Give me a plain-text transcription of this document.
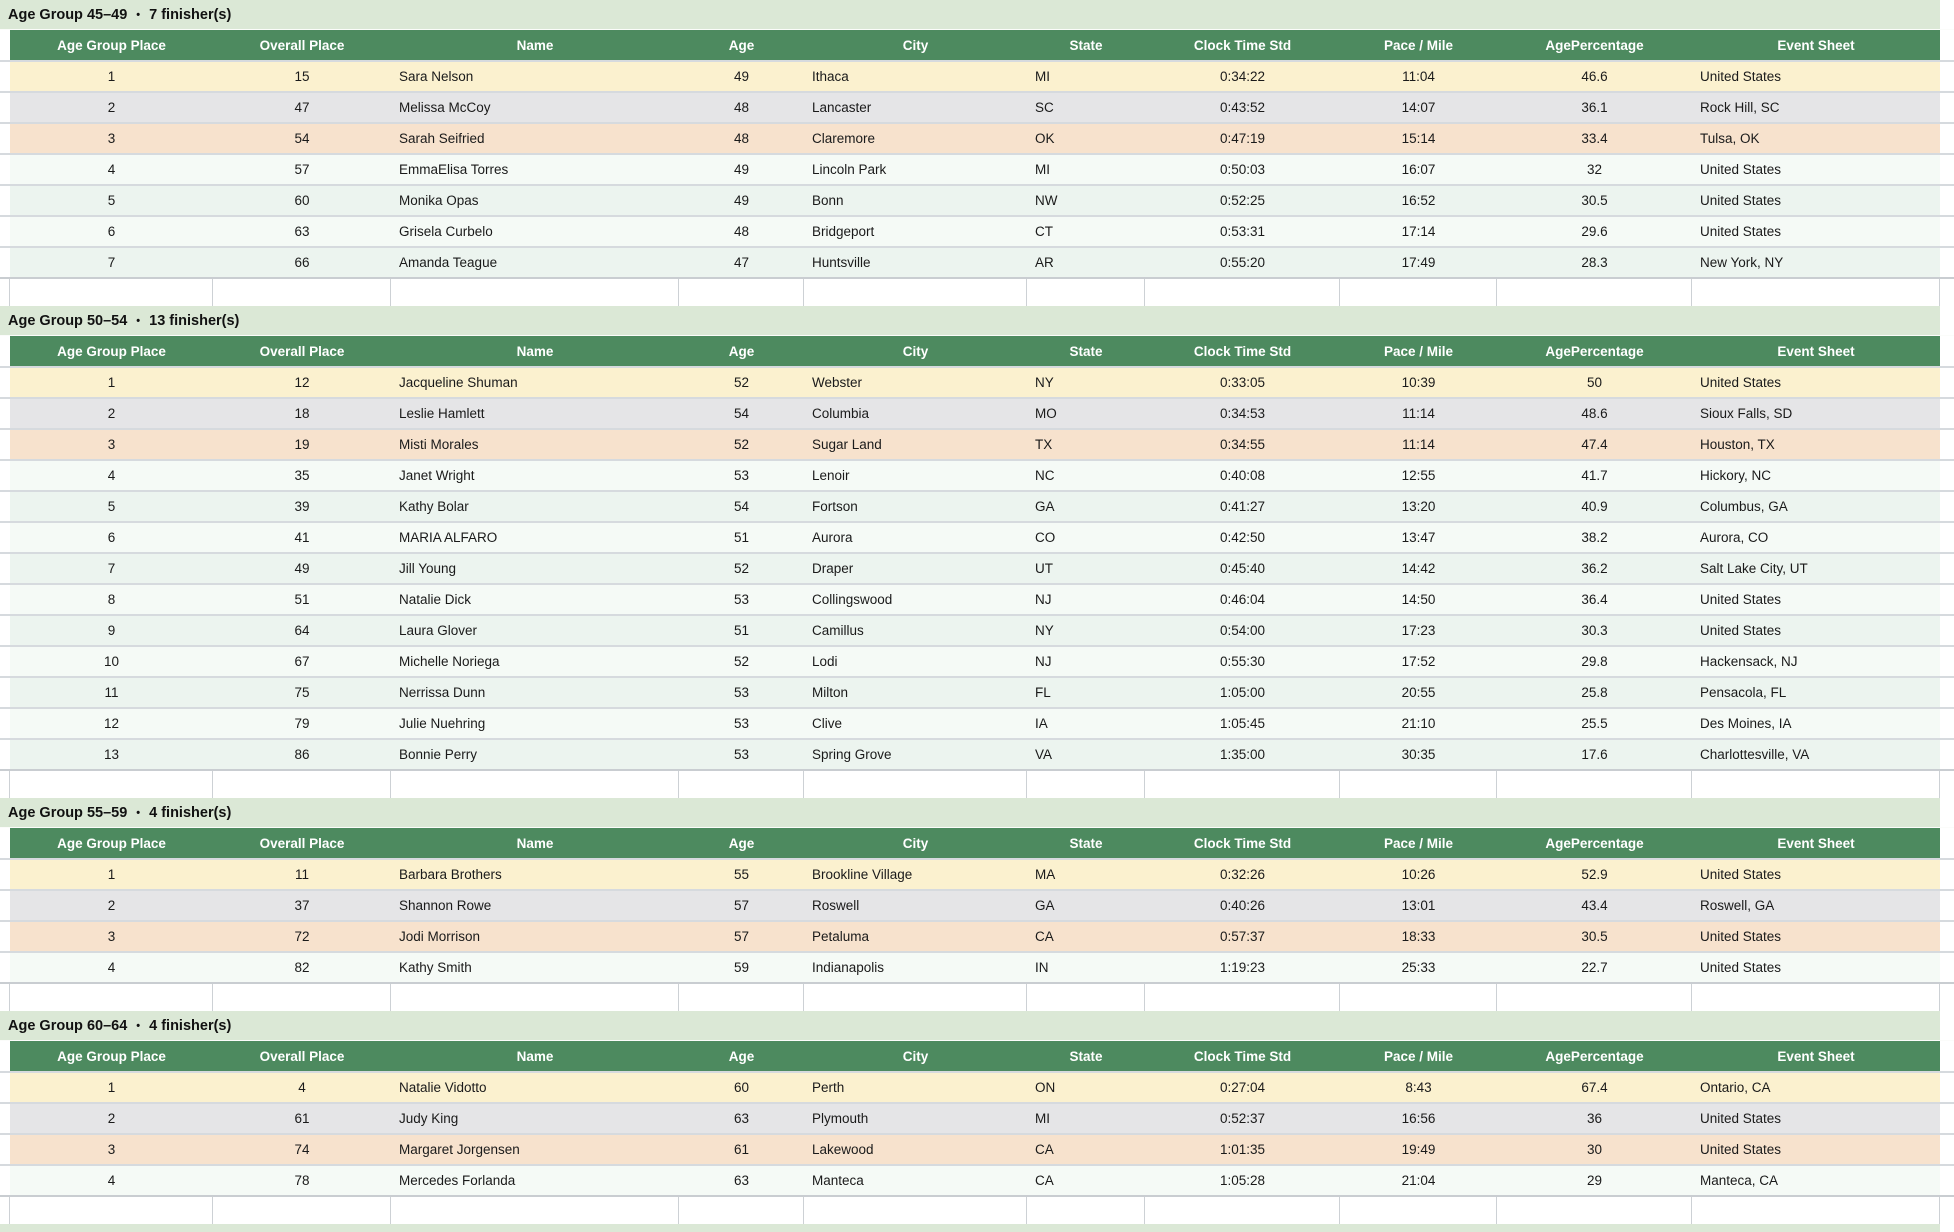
Age Group 45–49 • 7 finisher(s)
Age Group Place	Overall Place	Name	Age	City	State	Clock Time Std	Pace / Mile	AgePercentage	Event Sheet
1	15	Sara Nelson	49	Ithaca	MI	0:34:22	11:04	46.6	United States
2	47	Melissa McCoy	48	Lancaster	SC	0:43:52	14:07	36.1	Rock Hill, SC
3	54	Sarah Seifried	48	Claremore	OK	0:47:19	15:14	33.4	Tulsa, OK
4	57	EmmaElisa Torres	49	Lincoln Park	MI	0:50:03	16:07	32	United States
5	60	Monika Opas	49	Bonn	NW	0:52:25	16:52	30.5	United States
6	63	Grisela Curbelo	48	Bridgeport	CT	0:53:31	17:14	29.6	United States
7	66	Amanda Teague	47	Huntsville	AR	0:55:20	17:49	28.3	New York, NY
Age Group 50–54 • 13 finisher(s)
Age Group Place	Overall Place	Name	Age	City	State	Clock Time Std	Pace / Mile	AgePercentage	Event Sheet
1	12	Jacqueline Shuman	52	Webster	NY	0:33:05	10:39	50	United States
2	18	Leslie Hamlett	54	Columbia	MO	0:34:53	11:14	48.6	Sioux Falls, SD
3	19	Misti Morales	52	Sugar Land	TX	0:34:55	11:14	47.4	Houston, TX
4	35	Janet Wright	53	Lenoir	NC	0:40:08	12:55	41.7	Hickory, NC
5	39	Kathy Bolar	54	Fortson	GA	0:41:27	13:20	40.9	Columbus, GA
6	41	MARIA ALFARO	51	Aurora	CO	0:42:50	13:47	38.2	Aurora, CO
7	49	Jill Young	52	Draper	UT	0:45:40	14:42	36.2	Salt Lake City, UT
8	51	Natalie Dick	53	Collingswood	NJ	0:46:04	14:50	36.4	United States
9	64	Laura Glover	51	Camillus	NY	0:54:00	17:23	30.3	United States
10	67	Michelle Noriega	52	Lodi	NJ	0:55:30	17:52	29.8	Hackensack, NJ
11	75	Nerrissa Dunn	53	Milton	FL	1:05:00	20:55	25.8	Pensacola, FL
12	79	Julie Nuehring	53	Clive	IA	1:05:45	21:10	25.5	Des Moines, IA
13	86	Bonnie Perry	53	Spring Grove	VA	1:35:00	30:35	17.6	Charlottesville, VA
Age Group 55–59 • 4 finisher(s)
Age Group Place	Overall Place	Name	Age	City	State	Clock Time Std	Pace / Mile	AgePercentage	Event Sheet
1	11	Barbara Brothers	55	Brookline Village	MA	0:32:26	10:26	52.9	United States
2	37	Shannon Rowe	57	Roswell	GA	0:40:26	13:01	43.4	Roswell, GA
3	72	Jodi Morrison	57	Petaluma	CA	0:57:37	18:33	30.5	United States
4	82	Kathy Smith	59	Indianapolis	IN	1:19:23	25:33	22.7	United States
Age Group 60–64 • 4 finisher(s)
Age Group Place	Overall Place	Name	Age	City	State	Clock Time Std	Pace / Mile	AgePercentage	Event Sheet
1	4	Natalie Vidotto	60	Perth	ON	0:27:04	8:43	67.4	Ontario, CA
2	61	Judy King	63	Plymouth	MI	0:52:37	16:56	36	United States
3	74	Margaret Jorgensen	61	Lakewood	CA	1:01:35	19:49	30	United States
4	78	Mercedes Forlanda	63	Manteca	CA	1:05:28	21:04	29	Manteca, CA
